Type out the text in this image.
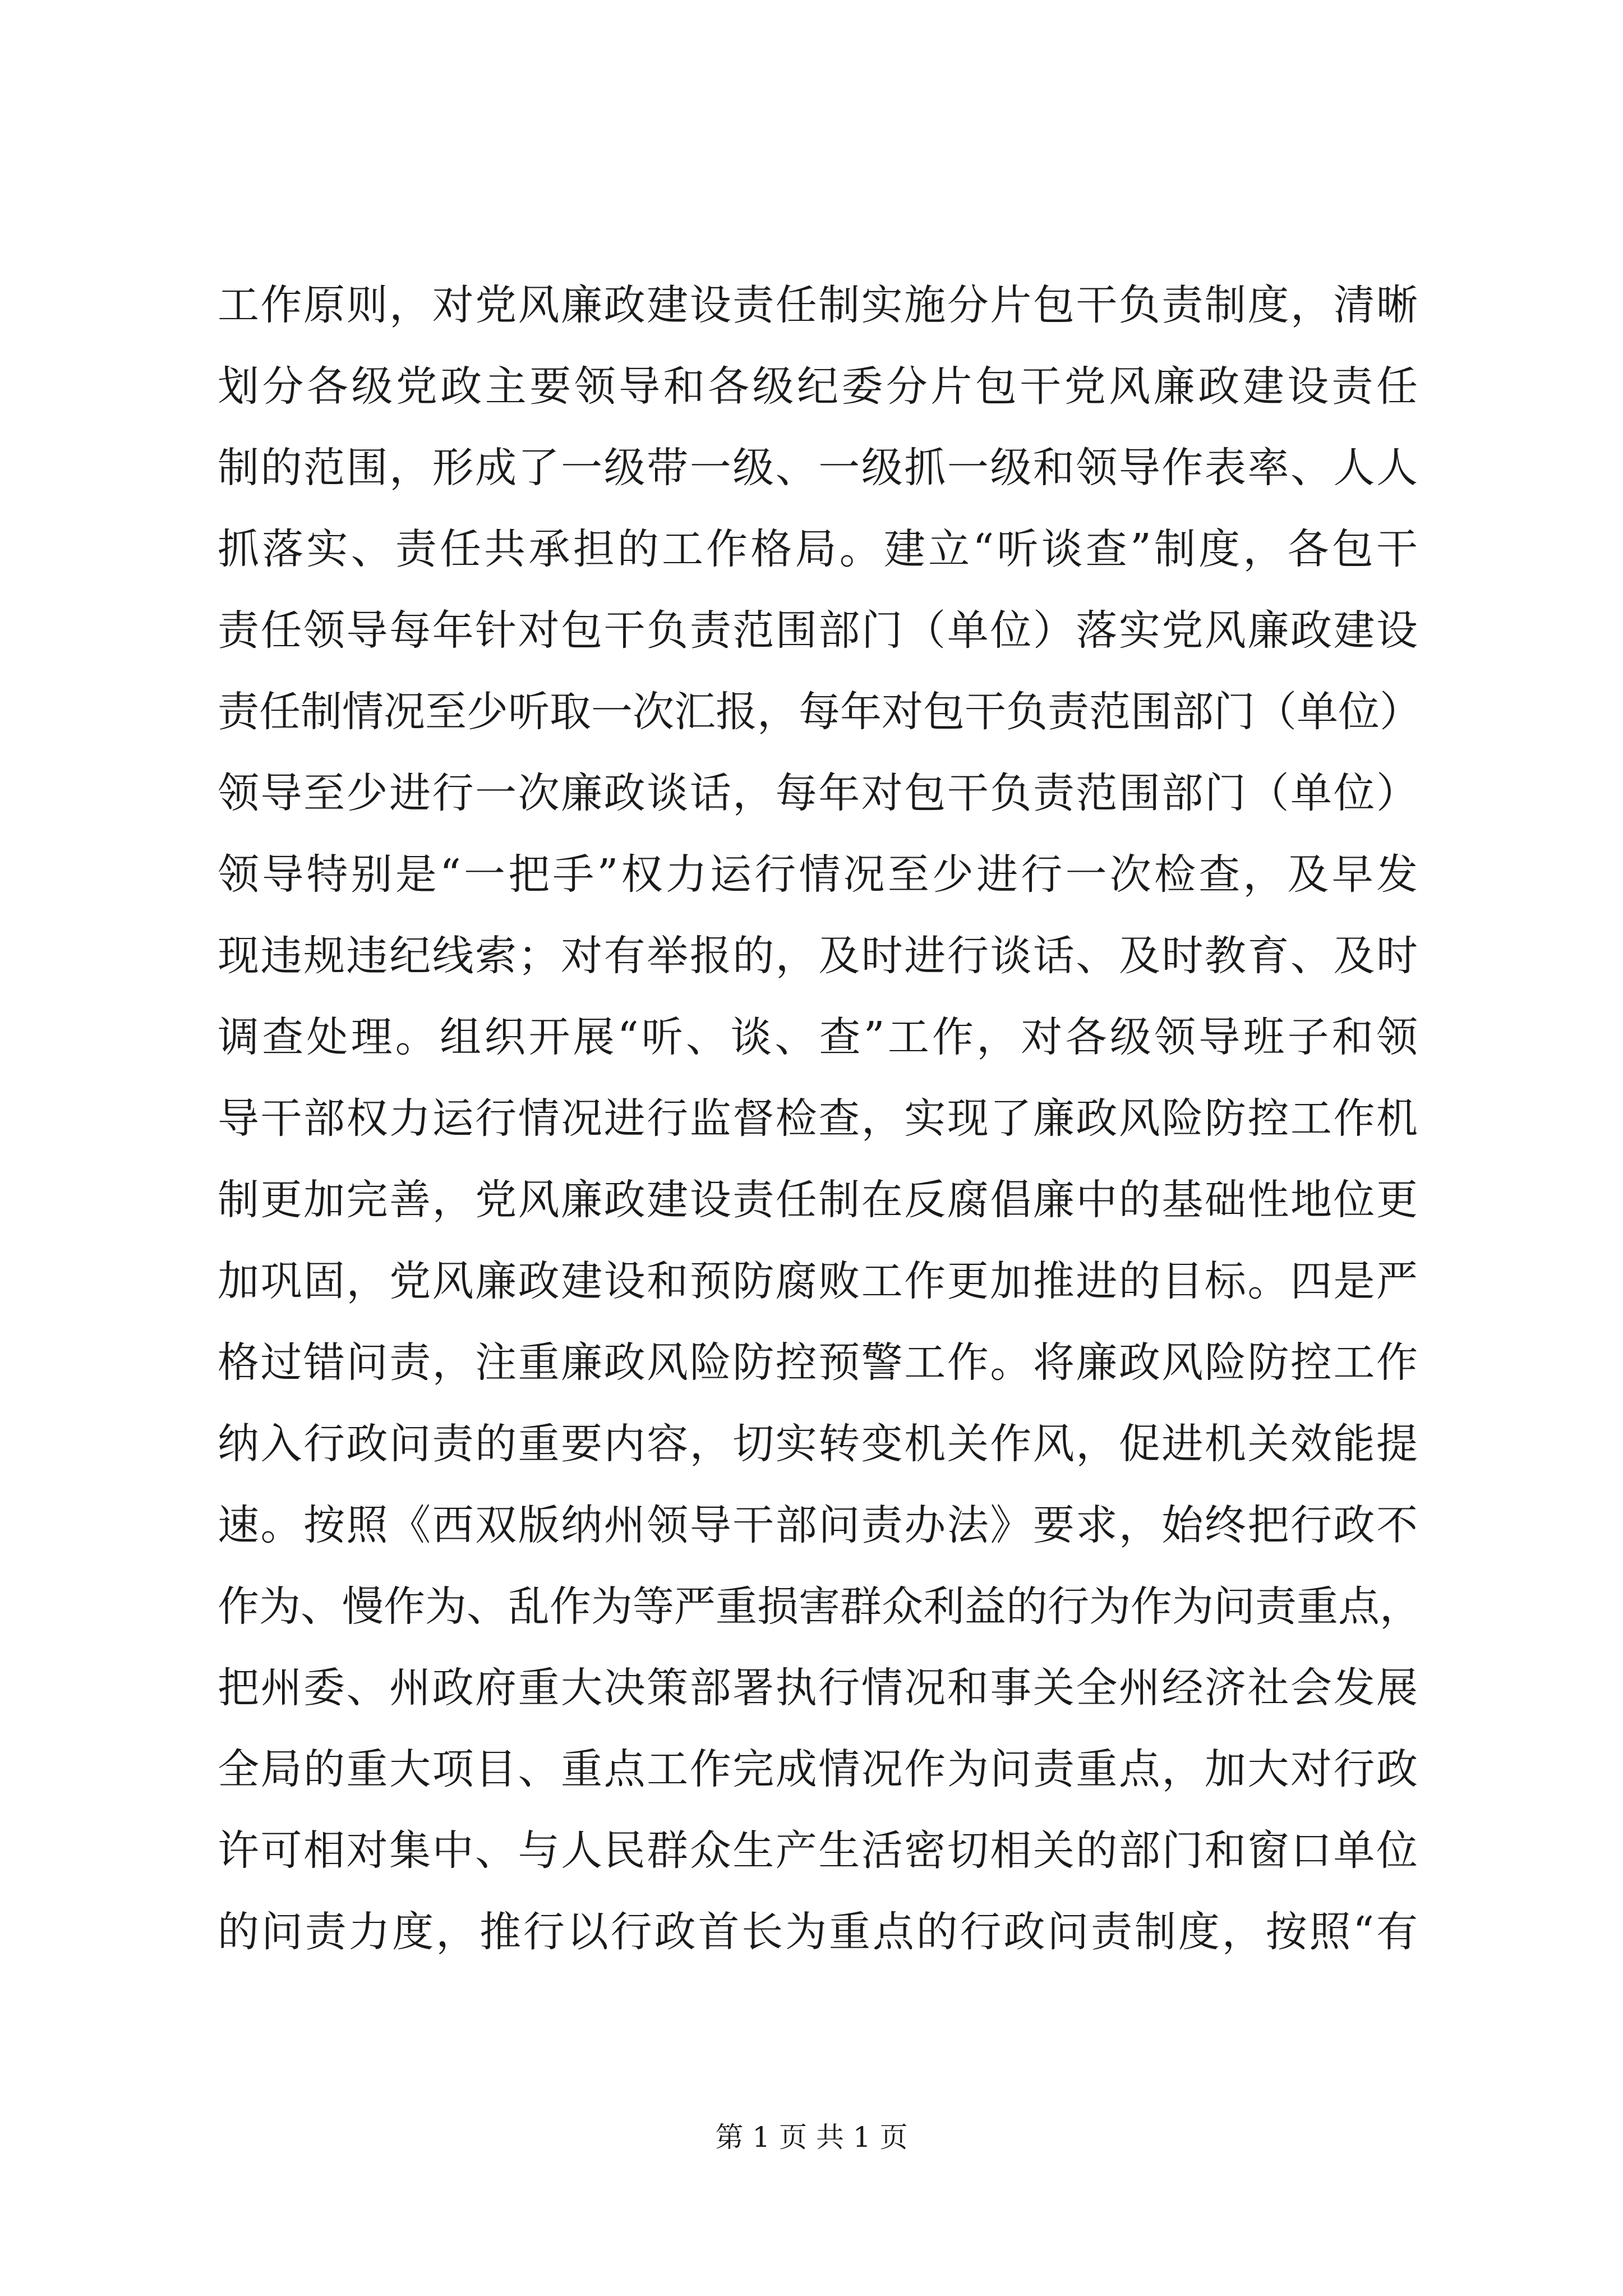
工作原则，对党风廉政建设责任制实施分片包干负责制度，清晰
划分各级党政主要领导和各级纪委分片包干党风廉政建设责任
制的范围，形成了一级带一级、一级抓一级和领导作表率、人人
抓落实、责任共承担的工作格局。建立“听谈查”制度，各包干
责任领导每年针对包干负责范围部门（单位）落实党风廉政建设
责任制情况至少听取一次汇报，每年对包干负责范围部门（单位）
领导至少进行一次廉政谈话，每年对包干负责范围部门（单位）
领导特别是“一把手”权力运行情况至少进行一次检查，及早发
现违规违纪线索；对有举报的，及时进行谈话、及时教育、及时
调查处理。组织开展“听、谈、查”工作，对各级领导班子和领
导干部权力运行情况进行监督检查，实现了廉政风险防控工作机
制更加完善，党风廉政建设责任制在反腐倡廉中的基础性地位更
加巩固，党风廉政建设和预防腐败工作更加推进的目标。四是严
格过错问责，注重廉政风险防控预警工作。将廉政风险防控工作
纳入行政问责的重要内容，切实转变机关作风，促进机关效能提
速。按照《西双版纳州领导干部问责办法》要求，始终把行政不
作为、慢作为、乱作为等严重损害群众利益的行为作为问责重点，
把州委、州政府重大决策部署执行情况和事关全州经济社会发展
全局的重大项目、重点工作完成情况作为问责重点，加大对行政
许可相对集中、与人民群众生产生活密切相关的部门和窗口单位
的问责力度，推行以行政首长为重点的行政问责制度，按照“有
第 1 页 共 1 页
